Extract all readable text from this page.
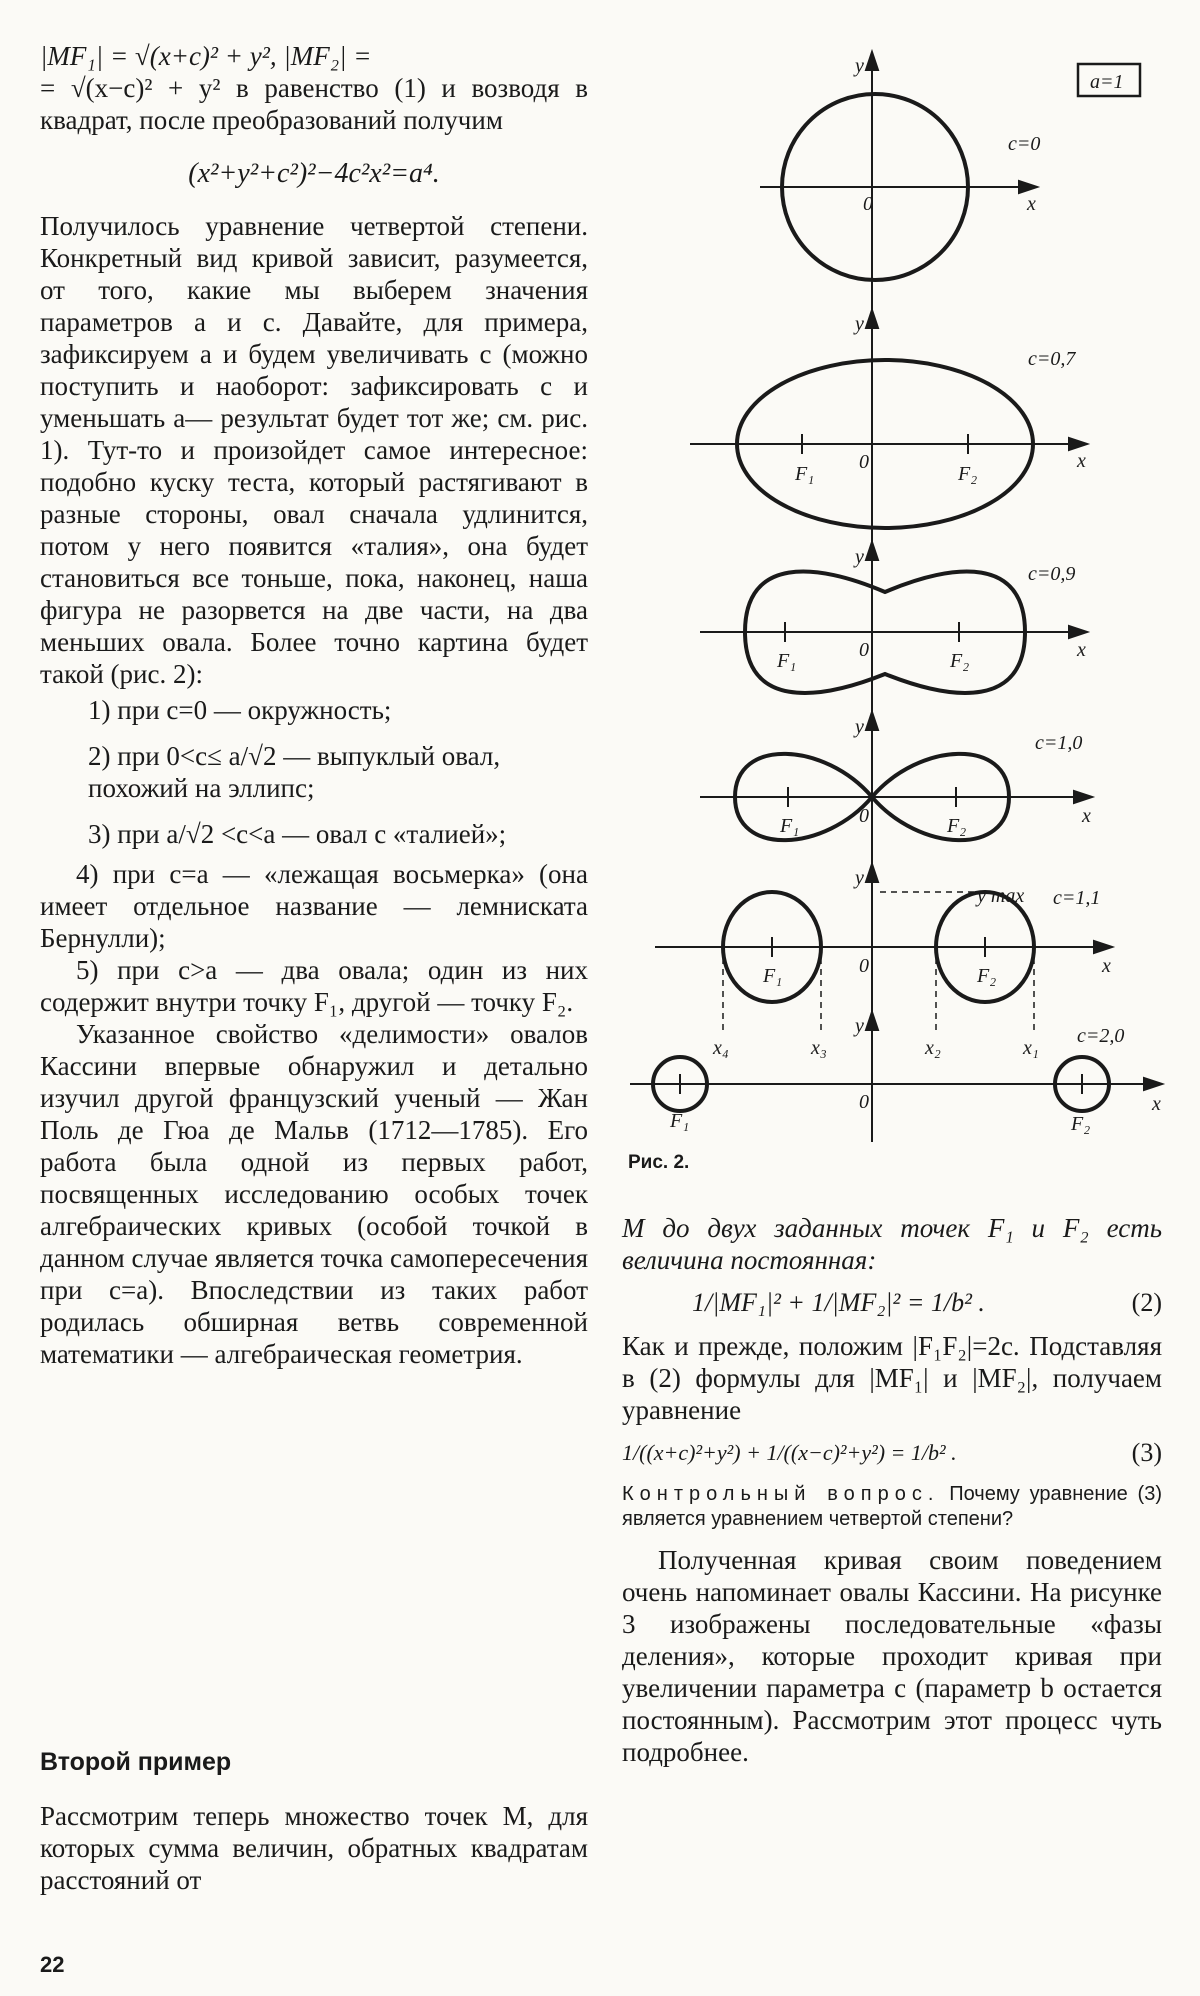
|MF₁| = √(x+c)² + y², |MF₂| =

= √(x−c)² + y² в равенство (1) и возводя в квадрат, после преобразований получим

(x²+y²+c²)²−4c²x²=a⁴.

Получилось уравнение четвертой степени. Конкретный вид кривой зависит, разумеется, от того, какие мы выберем значения параметров a и c. Давайте, для примера, зафиксируем a и будем увеличивать c (можно поступить и наоборот: зафиксировать c и уменьшать a— результат будет тот же; см. рис. 1). Тут-то и произойдет самое интересное: подобно куску теста, который растягивают в разные стороны, овал сначала удлинится, потом у него появится «талия», она будет становиться все тоньше, пока, наконец, наша фигура не разорвется на две части, на два меньших овала. Более точно картина будет такой (рис. 2):

1) при c=0 — окружность;

2) при 0<c≤ a/√2 — выпуклый овал, похожий на эллипс;

3) при a/√2 <c<a — овал с «талией»;

4) при c=a — «лежащая восьмерка» (она имеет отдельное название — лемниската Бернулли);

5) при c>a — два овала; один из них содержит внутри точку F₁, другой — точку F₂.

Указанное свойство «делимости» овалов Кассини впервые обнаружил и детально изучил другой французский ученый — Жан Поль де Гюа де Мальв (1712—1785). Его работа была одной из первых работ, посвященных исследованию особых точек алгебраических кривых (особой точкой в данном случае является точка самопересечения при c=a). Впоследствии из таких работ родилась обширная ветвь современной математики — алгебраическая геометрия.

Второй пример

Рассмотрим теперь множество точек M, для которых сумма величин, обратных квадратам расстояний от

22
a=1
c=0
c=0,7
c=0,9
c=1,0
c=1,1
c=2,0
y max
y
x
0
y
x
0
y
x
0
y
x
0
y
x
0
y
x
0
F₁	F₂
F₁	F₂
F₁	F₂
F₁	F₂
F₁	F₂
x₄	x₃	x₂	x₁
Рис. 2.

M до двух заданных точек F₁ и F₂ есть величина постоянная:

1/|MF₁|² + 1/|MF₂|² = 1/b² .	(2)

Как и прежде, положим |F₁F₂|=2c. Подставляя в (2) формулы для |MF₁| и |MF₂|, получаем уравнение

1/((x+c)²+y²) + 1/((x−c)²+y²) = 1/b² .	(3)

Контрольный вопрос. Почему уравнение (3) является уравнением четвертой степени?

Полученная кривая своим поведением очень напоминает овалы Кассини. На рисунке 3 изображены последовательные «фазы деления», которые проходит кривая при увеличении параметра c (параметр b остается постоянным). Рассмотрим этот процесс чуть подробнее.
